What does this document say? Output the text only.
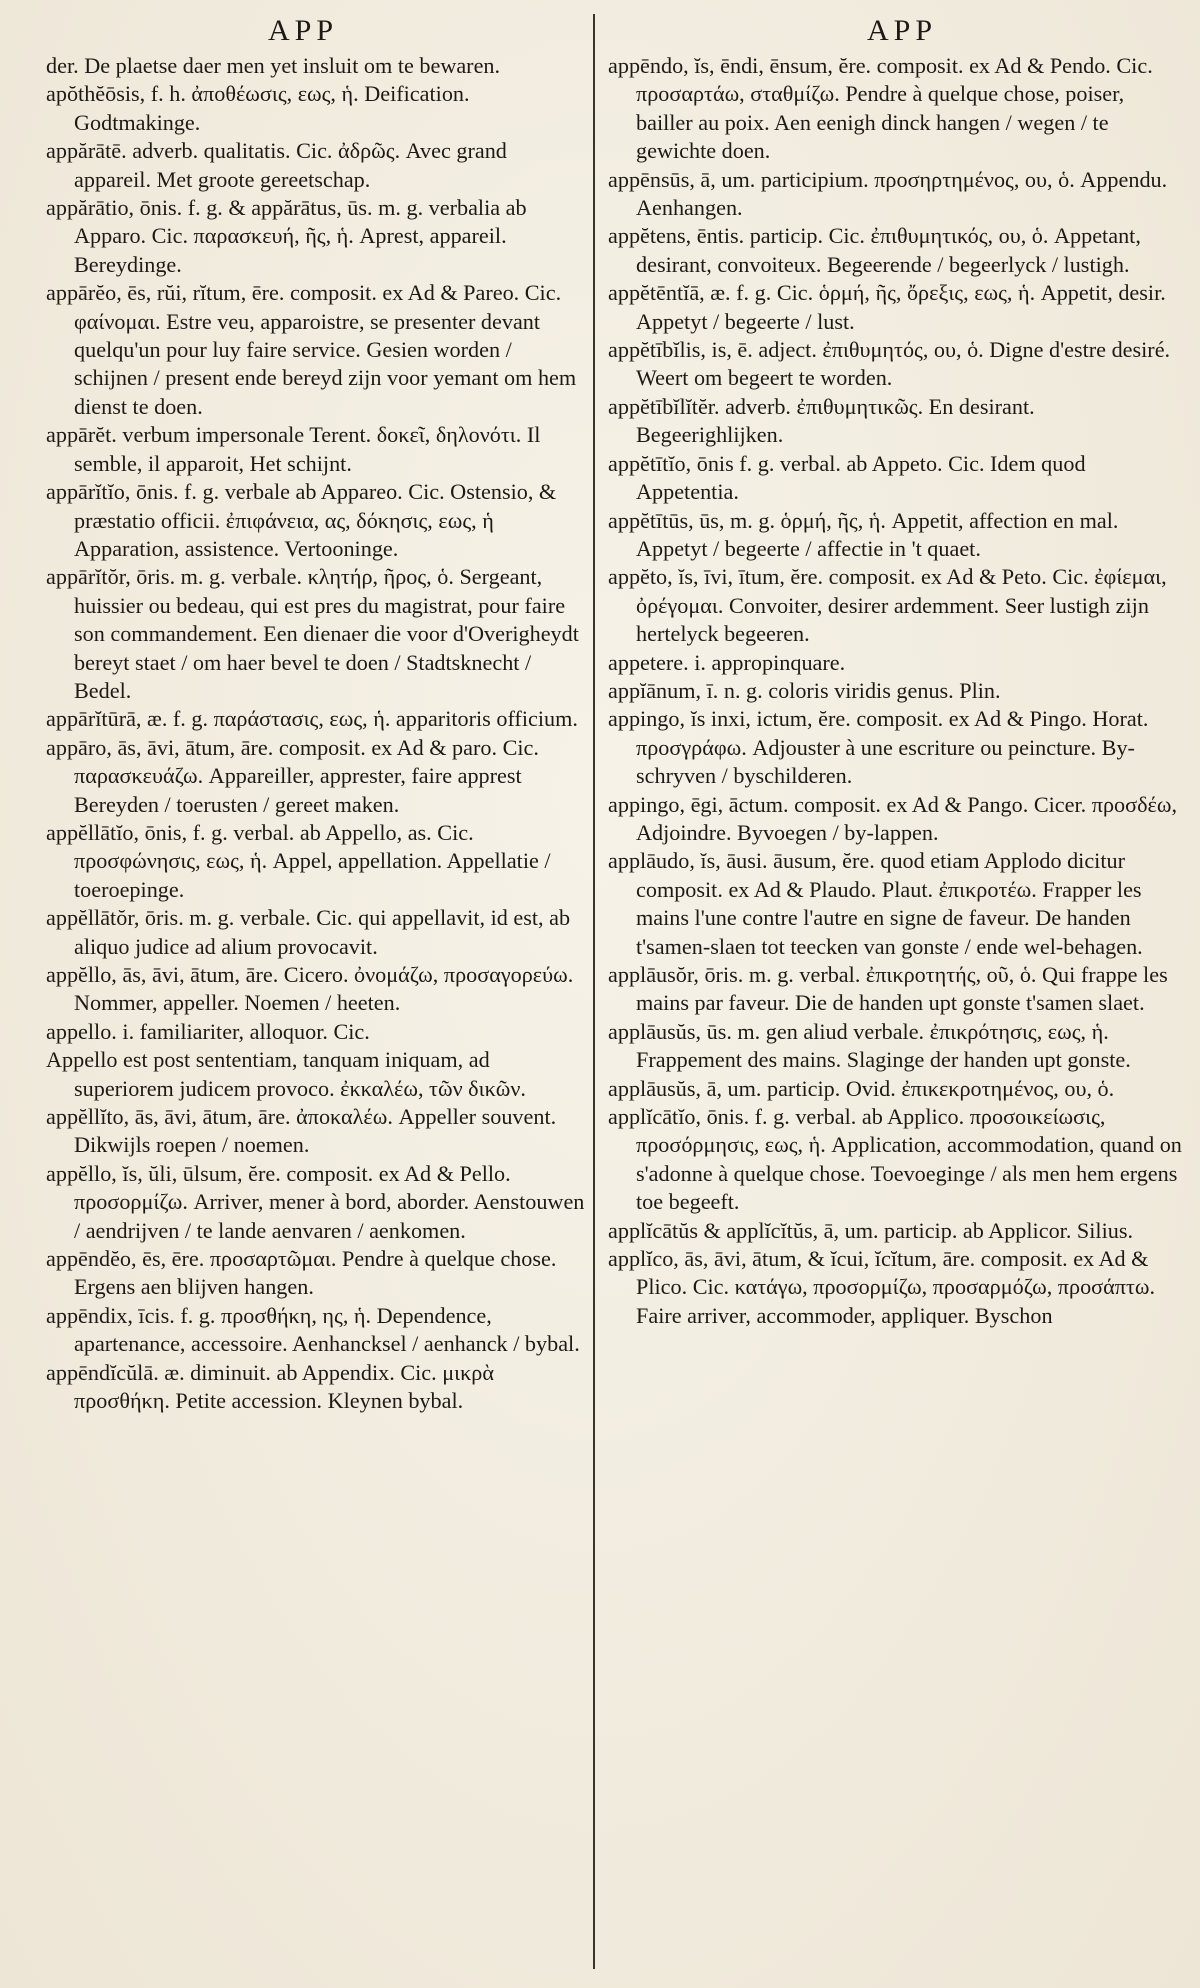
APP	APP

der. De plaetse daer men yet insluit om te bewaren.

apŏthĕōsis, f. h. ἀποθέωσις, εως, ἡ. Deification. Godtmakinge.

appărātē. adverb. qualitatis. Cic. ἀδρῶς. Avec grand appareil. Met groote gereetschap.

appărātio, ōnis. f. g. & appărātus, ūs. m. g. verbalia ab Apparo. Cic. παρασκευή, ῆς, ἡ. Aprest, appareil. Bereydinge.

appārĕo, ēs, rŭi, rĭtum, ēre. composit. ex Ad & Pareo. Cic. φαίνομαι. Estre veu, apparoistre, se presenter devant quelqu'un pour luy faire service. Gesien worden / schijnen / present ende bereyd zijn voor yemant om hem dienst te doen.

appārĕt. verbum impersonale Terent. δοκεῖ, δηλονότι. Il semble, il apparoit, Het schijnt.

appārĭtĭo, ōnis. f. g. verbale ab Appareo. Cic. Ostensio, & præstatio officii. ἐπιφάνεια, ας, δόκησις, εως, ἡ Apparation, assistence. Vertooninge.

appārĭtŏr, ōris. m. g. verbale. κλητήρ, ῆρος, ὁ. Sergeant, huissier ou bedeau, qui est pres du magistrat, pour faire son commandement. Een dienaer die voor d'Overigheydt bereyt staet / om haer bevel te doen / Stadtsknecht / Bedel.

appārĭtūrā, æ. f. g. παράστασις, εως, ἡ. apparitoris officium.

appāro, ās, āvi, ātum, āre. composit. ex Ad & paro. Cic. παρασκευάζω. Appareiller, apprester, faire apprest Bereyden / toerusten / gereet maken.

appĕllātĭo, ōnis, f. g. verbal. ab Appello, as. Cic. προσφώνησις, εως, ἡ. Appel, appellation. Appellatie / toeroepinge.

appĕllātŏr, ōris. m. g. verbale. Cic. qui appellavit, id est, ab aliquo judice ad alium provocavit.

appĕllo, ās, āvi, ātum, āre. Cicero. ὀνομάζω, προσαγορεύω. Nommer, appeller. Noemen / heeten.

appello. i. familiariter, alloquor. Cic.

Appello est post sententiam, tanquam iniquam, ad superiorem judicem provoco. ἐκκαλέω, τῶν δικῶν.

appĕllĭto, ās, āvi, ātum, āre. ἀποκαλέω. Appeller souvent. Dikwijls roepen / noemen.

appĕllo, ĭs, ŭli, ūlsum, ĕre. composit. ex Ad & Pello. προσορμίζω. Arriver, mener à bord, aborder. Aenstouwen / aendrijven / te lande aenvaren / aenkomen.

appēndĕo, ēs, ēre. προσαρτῶμαι. Pendre à quelque chose. Ergens aen blijven hangen.

appēndix, īcis. f. g. προσθήκη, ης, ἡ. Dependence, apartenance, accessoire. Aenhancksel / aenhanck / bybal.

appēndĭcŭlā. æ. diminuit. ab Appendix. Cic. μικρὰ προσθήκη. Petite accession. Kleynen bybal.

appēndo, ĭs, ēndi, ēnsum, ĕre. composit. ex Ad & Pendo. Cic. προσαρτάω, σταθμίζω. Pendre à quelque chose, poiser, bailler au poix. Aen eenigh dinck hangen / wegen / te gewichte doen.

appēnsūs, ā, um. participium. προσηρτημένος, ου, ὁ. Appendu. Aenhangen.

appĕtens, ēntis. particip. Cic. ἐπιθυμητικός, ου, ὁ. Appetant, desirant, convoiteux. Begeerende / begeerlyck / lustigh.

appĕtēntĭā, æ. f. g. Cic. ὁρμή, ῆς, ὄρεξις, εως, ἡ. Appetit, desir. Appetyt / begeerte / lust.

appĕtībĭlis, is, ē. adject. ἐπιθυμητός, ου, ὁ. Digne d'estre desiré. Weert om begeert te worden.

appĕtībĭlĭtĕr. adverb. ἐπιθυμητικῶς. En desirant. Begeerighlijken.

appĕtītĭo, ōnis f. g. verbal. ab Appeto. Cic. Idem quod Appetentia.

appĕtītūs, ūs, m. g. ὁρμή, ῆς, ἡ. Appetit, affection en mal. Appetyt / begeerte / affectie in 't quaet.

appĕto, ĭs, īvi, ītum, ĕre. composit. ex Ad & Peto. Cic. ἐφίεμαι, ὀρέγομαι. Convoiter, desirer ardemment. Seer lustigh zijn hertelyck begeeren.

appetere. i. appropinquare.

appĭānum, ī. n. g. coloris viridis genus. Plin.

appingo, ĭs inxi, ictum, ĕre. composit. ex Ad & Pingo. Horat. προσγράφω. Adjouster à une escriture ou peincture. By-schryven / byschilderen.

appingo, ēgi, āctum. composit. ex Ad & Pango. Cicer. προσδέω, Adjoindre. Byvoegen / by-lappen.

applāudo, ĭs, āusi. āusum, ĕre. quod etiam Applodo dicitur composit. ex Ad & Plaudo. Plaut. ἐπικροτέω. Frapper les mains l'une contre l'autre en signe de faveur. De handen t'samen-slaen tot teecken van gonste / ende wel-behagen.

applāusŏr, ōris. m. g. verbal. ἐπικροτητής, οῦ, ὁ. Qui frappe les mains par faveur. Die de handen upt gonste t'samen slaet.

applāusŭs, ūs. m. gen aliud verbale. ἐπικρότησις, εως, ἡ. Frappement des mains. Slaginge der handen upt gonste.

applāusŭs, ā, um. particip. Ovid. ἐπικεκροτημένος, ου, ὁ.

applĭcātĭo, ōnis. f. g. verbal. ab Applico. προσοικείωσις, προσόρμησις, εως, ἡ. Application, accommodation, quand on s'adonne à quelque chose. Toevoeginge / als men hem ergens toe begeeft.

applĭcātŭs & applĭcĭtŭs, ā, um. particip. ab Applicor. Silius.

applĭco, ās, āvi, ātum, & ĭcui, ĭcĭtum, āre. composit. ex Ad & Plico. Cic. κατάγω, προσορμίζω, προσαρμόζω, προσάπτω. Faire arriver, accommoder, appliquer. Byschon
